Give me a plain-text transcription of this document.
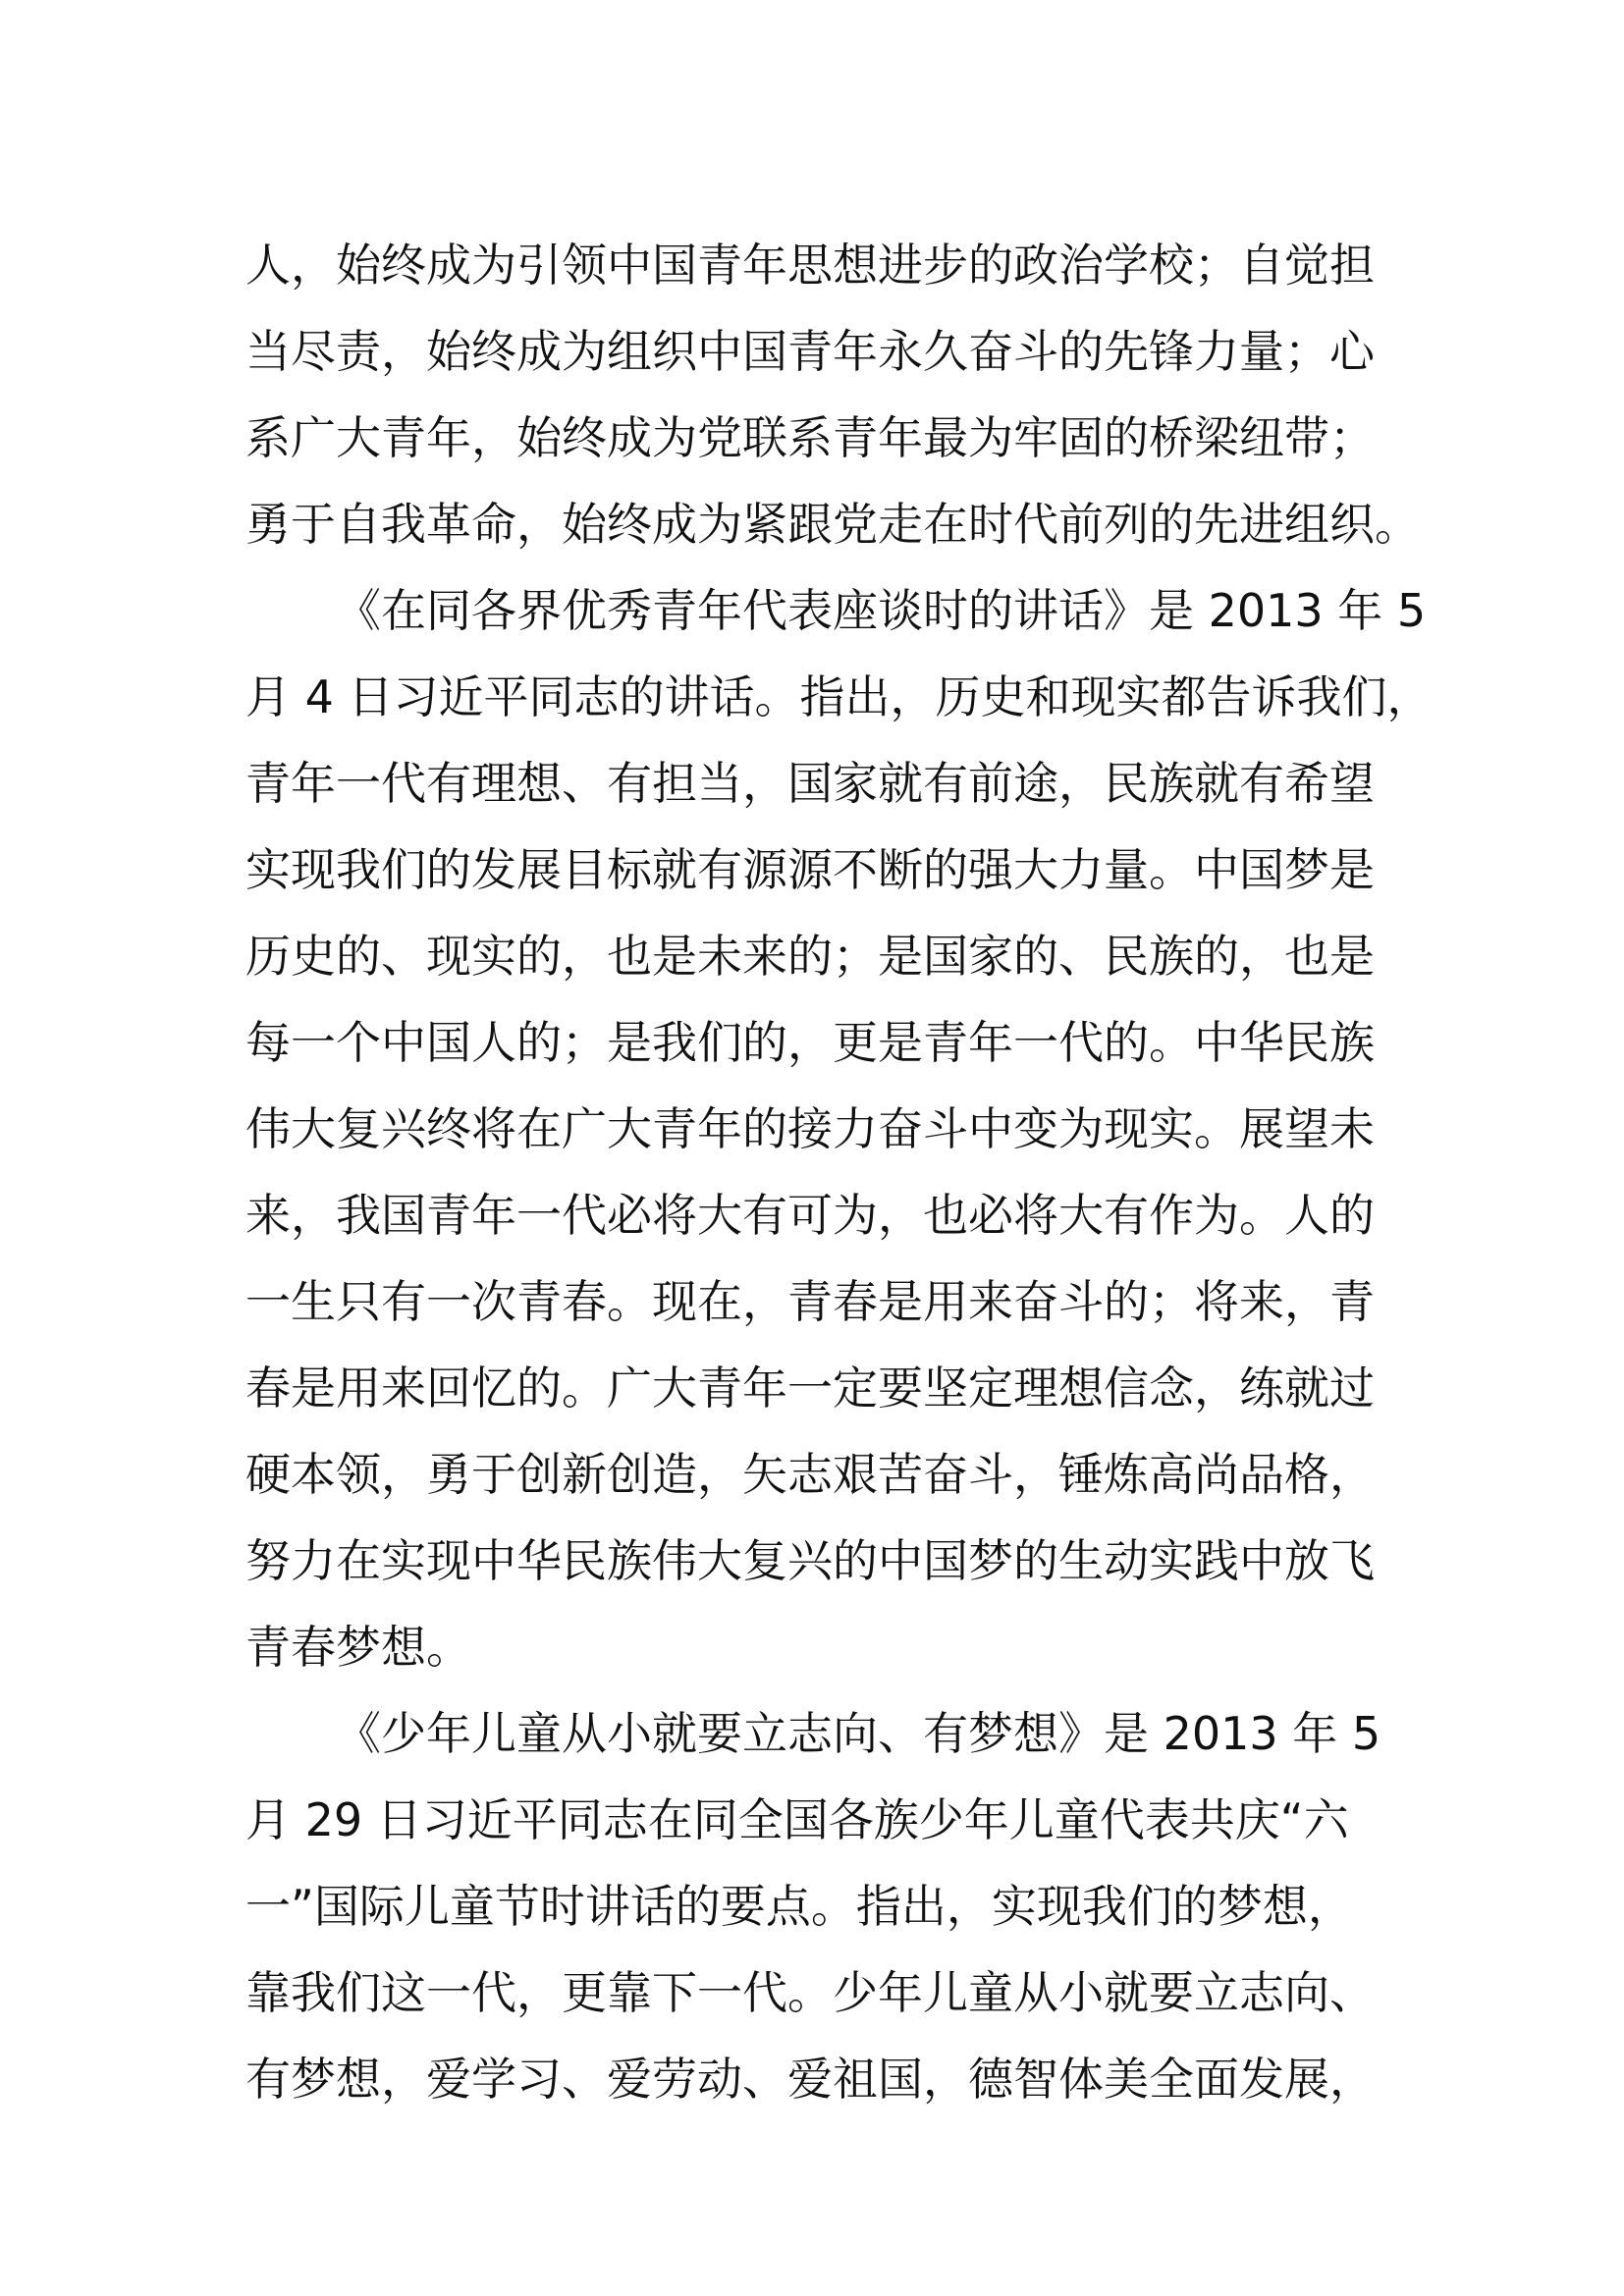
人，始终成为引领中国青年思想进步的政治学校；自觉担
当尽责，始终成为组织中国青年永久奋斗的先锋力量；心
系广大青年，始终成为党联系青年最为牢固的桥梁纽带；
勇于自我革命，始终成为紧跟党走在时代前列的先进组织。
《在同各界优秀青年代表座谈时的讲话》是 2013 年 5
月 4 日习近平同志的讲话。指出，历史和现实都告诉我们，
青年一代有理想、有担当，国家就有前途，民族就有希望
实现我们的发展目标就有源源不断的强大力量。中国梦是
历史的、现实的，也是未来的；是国家的、民族的，也是
每一个中国人的；是我们的，更是青年一代的。中华民族
伟大复兴终将在广大青年的接力奋斗中变为现实。展望未
来，我国青年一代必将大有可为，也必将大有作为。人的
一生只有一次青春。现在，青春是用来奋斗的；将来，青
春是用来回忆的。广大青年一定要坚定理想信念，练就过
硬本领，勇于创新创造，矢志艰苦奋斗，锤炼高尚品格，
努力在实现中华民族伟大复兴的中国梦的生动实践中放飞
青春梦想。
《少年儿童从小就要立志向、有梦想》是 2013 年 5
月 29 日习近平同志在同全国各族少年儿童代表共庆“六
一”国际儿童节时讲话的要点。指出，实现我们的梦想，
靠我们这一代，更靠下一代。少年儿童从小就要立志向、
有梦想，爱学习、爱劳动、爱祖国，德智体美全面发展，
